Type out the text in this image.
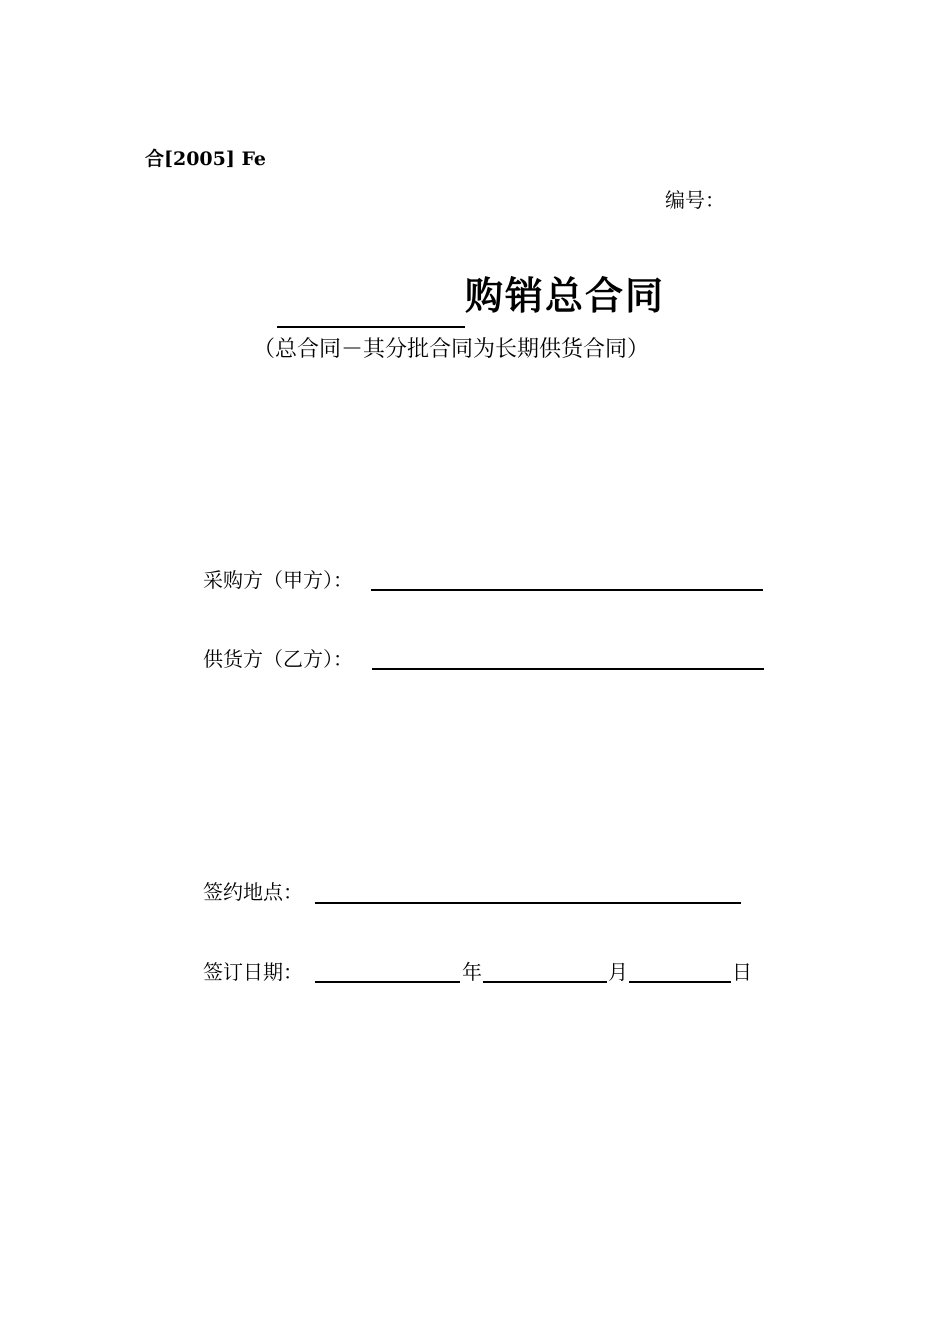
合[2005] Fe
编号：
购销总合同
（总合同－其分批合同为长期供货合同）
采购方（甲方）：
供货方（乙方）：
签约地点：
签订日期：	年	月	日
